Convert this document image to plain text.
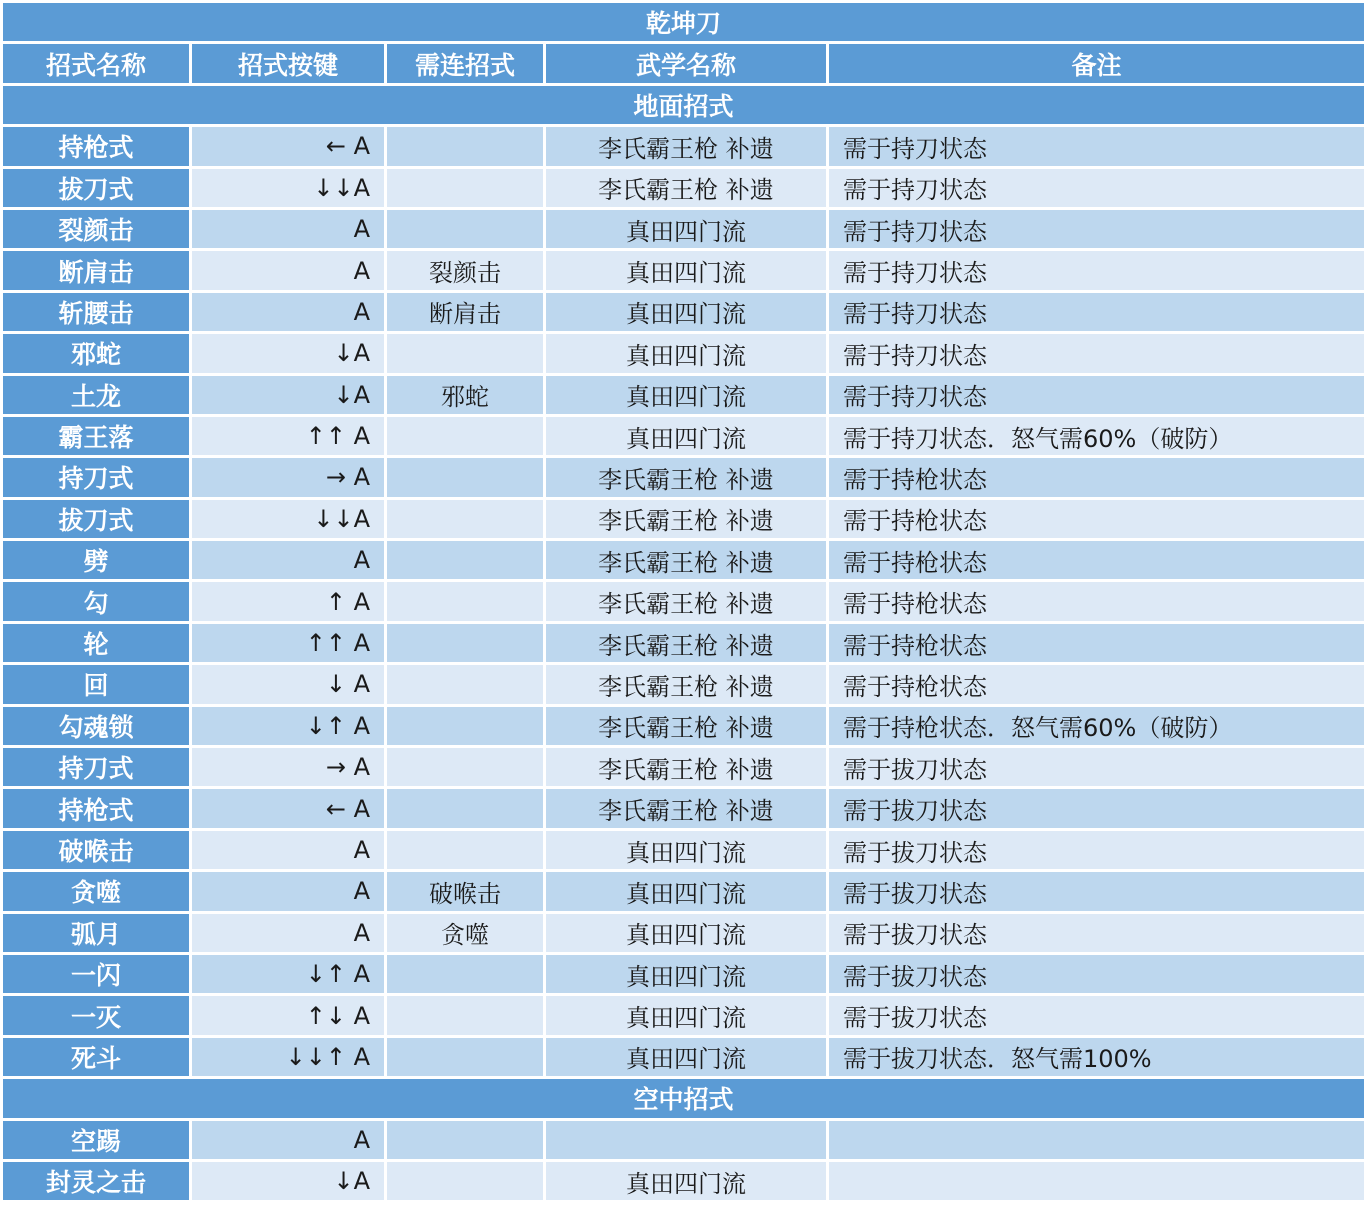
乾坤刀				
招式名称	招式按键	需连招式	武学名称	备注
地面招式				
持枪式	← A		李氏霸王枪 补遗	需于持刀状态
拔刀式	↓↓A		李氏霸王枪 补遗	需于持刀状态
裂颜击	A		真田四门流	需于持刀状态
断肩击	A	裂颜击	真田四门流	需于持刀状态
斩腰击	A	断肩击	真田四门流	需于持刀状态
邪蛇	↓A		真田四门流	需于持刀状态
土龙	↓A	邪蛇	真田四门流	需于持刀状态
霸王落	↑↑ A		真田四门流	需于持刀状态．怒气需60%（破防）
持刀式	→ A		李氏霸王枪 补遗	需于持枪状态
拔刀式	↓↓A		李氏霸王枪 补遗	需于持枪状态
劈	A		李氏霸王枪 补遗	需于持枪状态
勾	↑ A		李氏霸王枪 补遗	需于持枪状态
轮	↑↑ A		李氏霸王枪 补遗	需于持枪状态
回	↓ A		李氏霸王枪 补遗	需于持枪状态
勾魂锁	↓↑ A		李氏霸王枪 补遗	需于持枪状态．怒气需60%（破防）
持刀式	→ A		李氏霸王枪 补遗	需于拔刀状态
持枪式	← A		李氏霸王枪 补遗	需于拔刀状态
破喉击	A		真田四门流	需于拔刀状态
贪噬	A	破喉击	真田四门流	需于拔刀状态
弧月	A	贪噬	真田四门流	需于拔刀状态
一闪	↓↑ A		真田四门流	需于拔刀状态
一灭	↑↓ A		真田四门流	需于拔刀状态
死斗	↓↓↑ A		真田四门流	需于拔刀状态．怒气需100%
空中招式				
空踢	A			
封灵之击	↓A		真田四门流	
